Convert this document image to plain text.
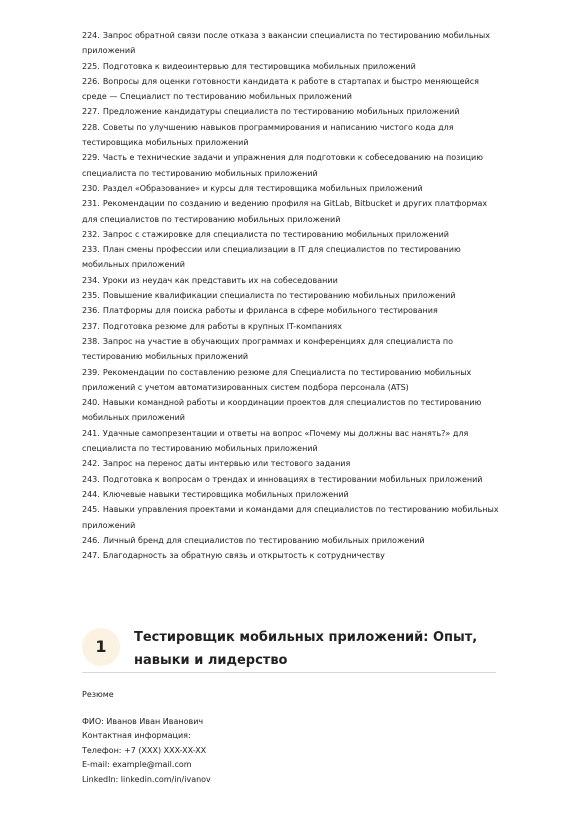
224. Запрос обратной связи после отказа з вакансии специалиста по тестированию мобильных приложений
225. Подготовка к видеоинтервью для тестировщика мобильных приложений
226. Вопросы для оценки готовности кандидата к работе в стартапах и быстро меняющейся среде — Специалист по тестированию мобильных приложений
227. Предложение кандидатуры специалиста по тестированию мобильных приложений
228. Советы по улучшению навыков программирования и написанию чистого кода для тестировщика мобильных приложений
229. Часть е технические задачи и упражнения для подготовки к собеседованию на позицию специалиста по тестированию мобильных приложений
230. Раздел «Образование» и курсы для тестировщика мобильных приложений
231. Рекомендации по созданию и ведению профиля на GitLab, Bitbucket и других платформах для специалистов по тестированию мобильных приложений
232. Запрос с стажировке для специалиста по тестированию мобильных приложений
233. План смены профессии или специализации в IT для специалистов по тестированию мобильных приложений
234. Уроки из неудач как представить их на собеседовании
235. Повышение квалификации специалиста по тестированию мобильных приложений
236. Платформы для поиска работы и фриланса в сфере мобильного тестирования
237. Подготовка резюме для работы в крупных IT-компаниях
238. Запрос на участие в обучающих программах и конференциях для специалиста по тестированию мобильных приложений
239. Рекомендации по составлению резюме для Специалиста по тестированию мобильных приложений с учетом автоматизированных систем подбора персонала (ATS)
240. Навыки командной работы и координации проектов для специалистов по тестированию мобильных приложений
241. Удачные самопрезентации и ответы на вопрос «Почему мы должны вас нанять?» для специалиста по тестированию мобильных приложений
242. Запрос на перенос даты интервью или тестового задания
243. Подготовка к вопросам о трендах и инновациях в тестировании мобильных приложений
244. Ключевые навыки тестировщика мобильных приложений
245. Навыки управления проектами и командами для специалистов по тестированию мобильных приложений
246. Личный бренд для специалистов по тестированию мобильных приложений
247. Благодарность за обратную связь и открытость к сотрудничеству
1	Тестировщик мобильных приложений: Опыт, навыки и лидерство

Резюме

ФИО: Иванов Иван Иванович
Контактная информация:
Телефон: +7 (XXX) XXX-XX-XX
E-mail: example@mail.com
LinkedIn: linkedin.com/in/ivanov
